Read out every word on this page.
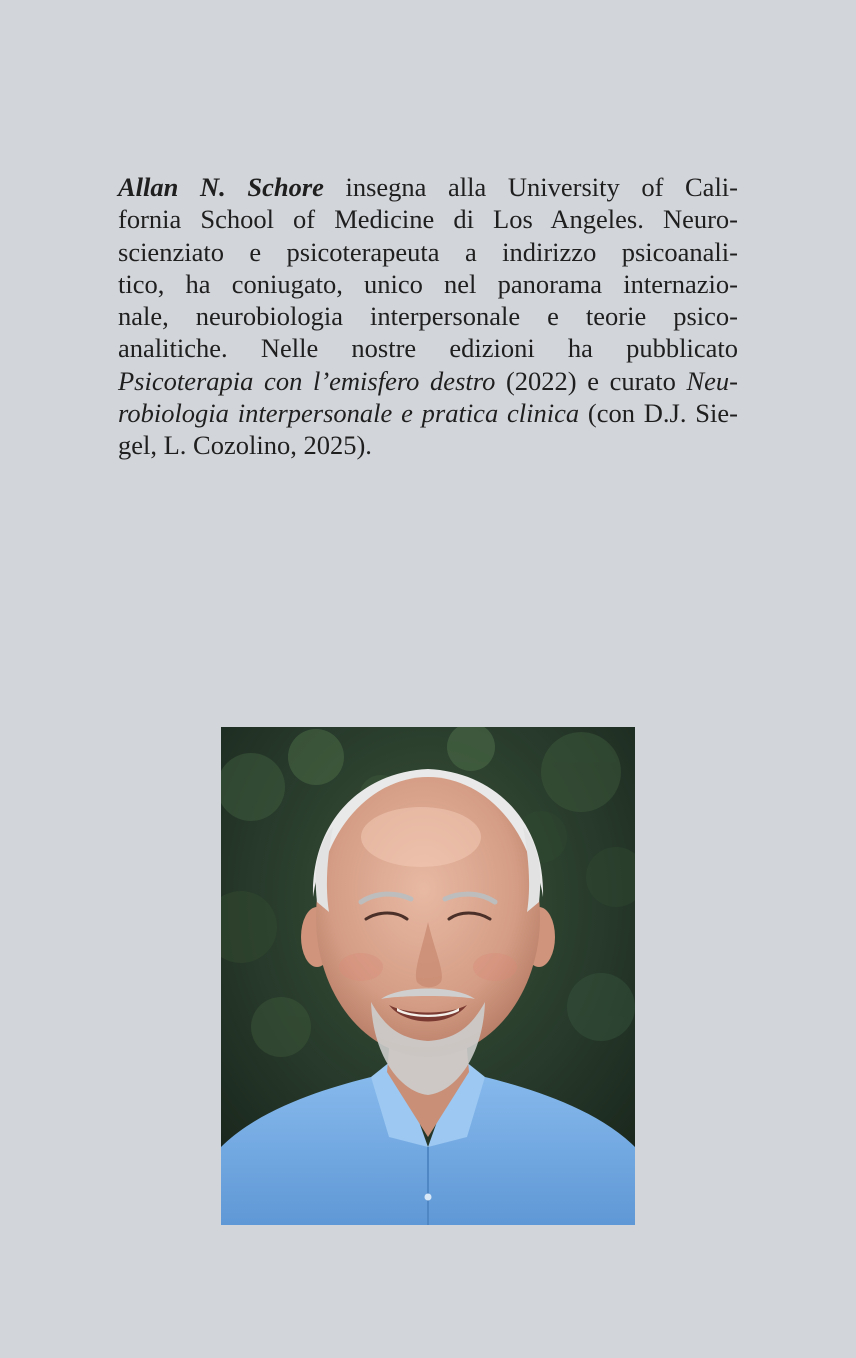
Allan N. Schore insegna alla University of Cali-
fornia School of Medicine di Los Angeles. Neuro-
scienziato e psicoterapeuta a indirizzo psicoanali-
tico, ha coniugato, unico nel panorama internazio-
nale, neurobiologia interpersonale e teorie psico-
analitiche. Nelle nostre edizioni ha pubblicato
Psicoterapia con l’emisfero destro (2022) e curato Neu-
robiologia interpersonale e pratica clinica (con D.J. Sie-
gel, L. Cozolino, 2025).
